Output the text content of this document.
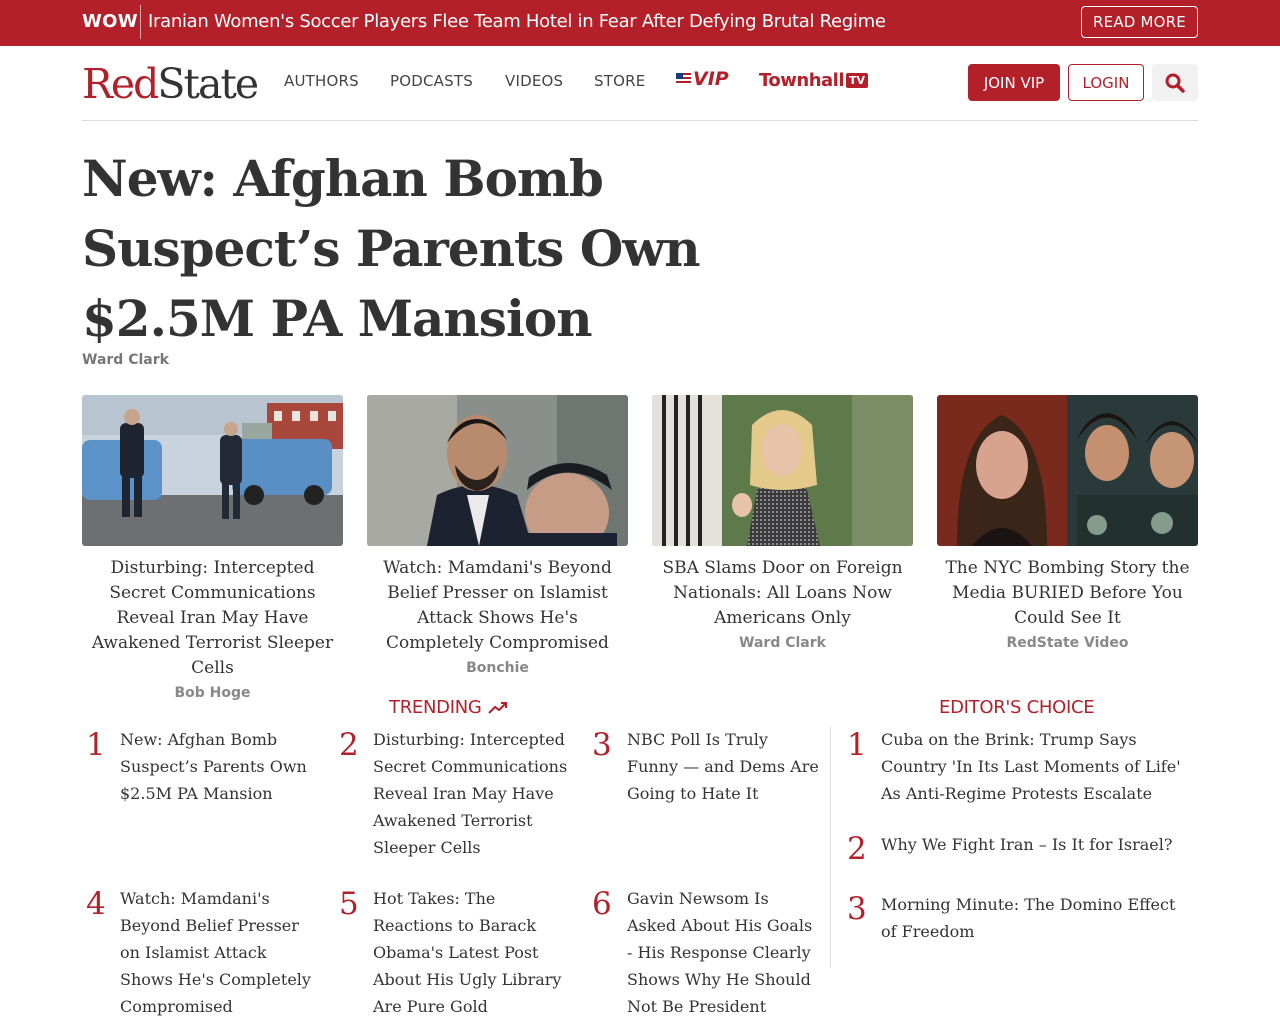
WOW Iranian Women's Soccer Players Flee Team Hotel in Fear After Defying Brutal Regime	READ MORE
RedState AUTHORS PODCASTS VIDEOS STORE	VIP Townhall TV	JOIN VIP	LOGIN
New: Afghan Bomb Suspect’s Parents Own $2.5M PA Mansion
Ward Clark
Disturbing: Intercepted Secret Communications Reveal Iran May Have Awakened Terrorist Sleeper Cells
Bob Hoge
Watch: Mamdani's Beyond Belief Presser on Islamist Attack Shows He's Completely Compromised
Bonchie
SBA Slams Door on Foreign Nationals: All Loans Now Americans Only
Ward Clark
The NYC Bombing Story the Media BURIED Before You Could See It
RedState Video
TRENDING	EDITOR'S CHOICE
1 New: Afghan Bomb Suspect’s Parents Own $2.5M PA Mansion
2 Disturbing: Intercepted Secret Communications Reveal Iran May Have Awakened Terrorist Sleeper Cells
3 NBC Poll Is Truly Funny — and Dems Are Going to Hate It
4 Watch: Mamdani's Beyond Belief Presser on Islamist Attack Shows He's Completely Compromised
5 Hot Takes: The Reactions to Barack Obama's Latest Post About His Ugly Library Are Pure Gold
6 Gavin Newsom Is Asked About His Goals - His Response Clearly Shows Why He Should Not Be President
1 Cuba on the Brink: Trump Says Country 'In Its Last Moments of Life' As Anti-Regime Protests Escalate
2 Why We Fight Iran – Is It for Israel?
3 Morning Minute: The Domino Effect of Freedom
